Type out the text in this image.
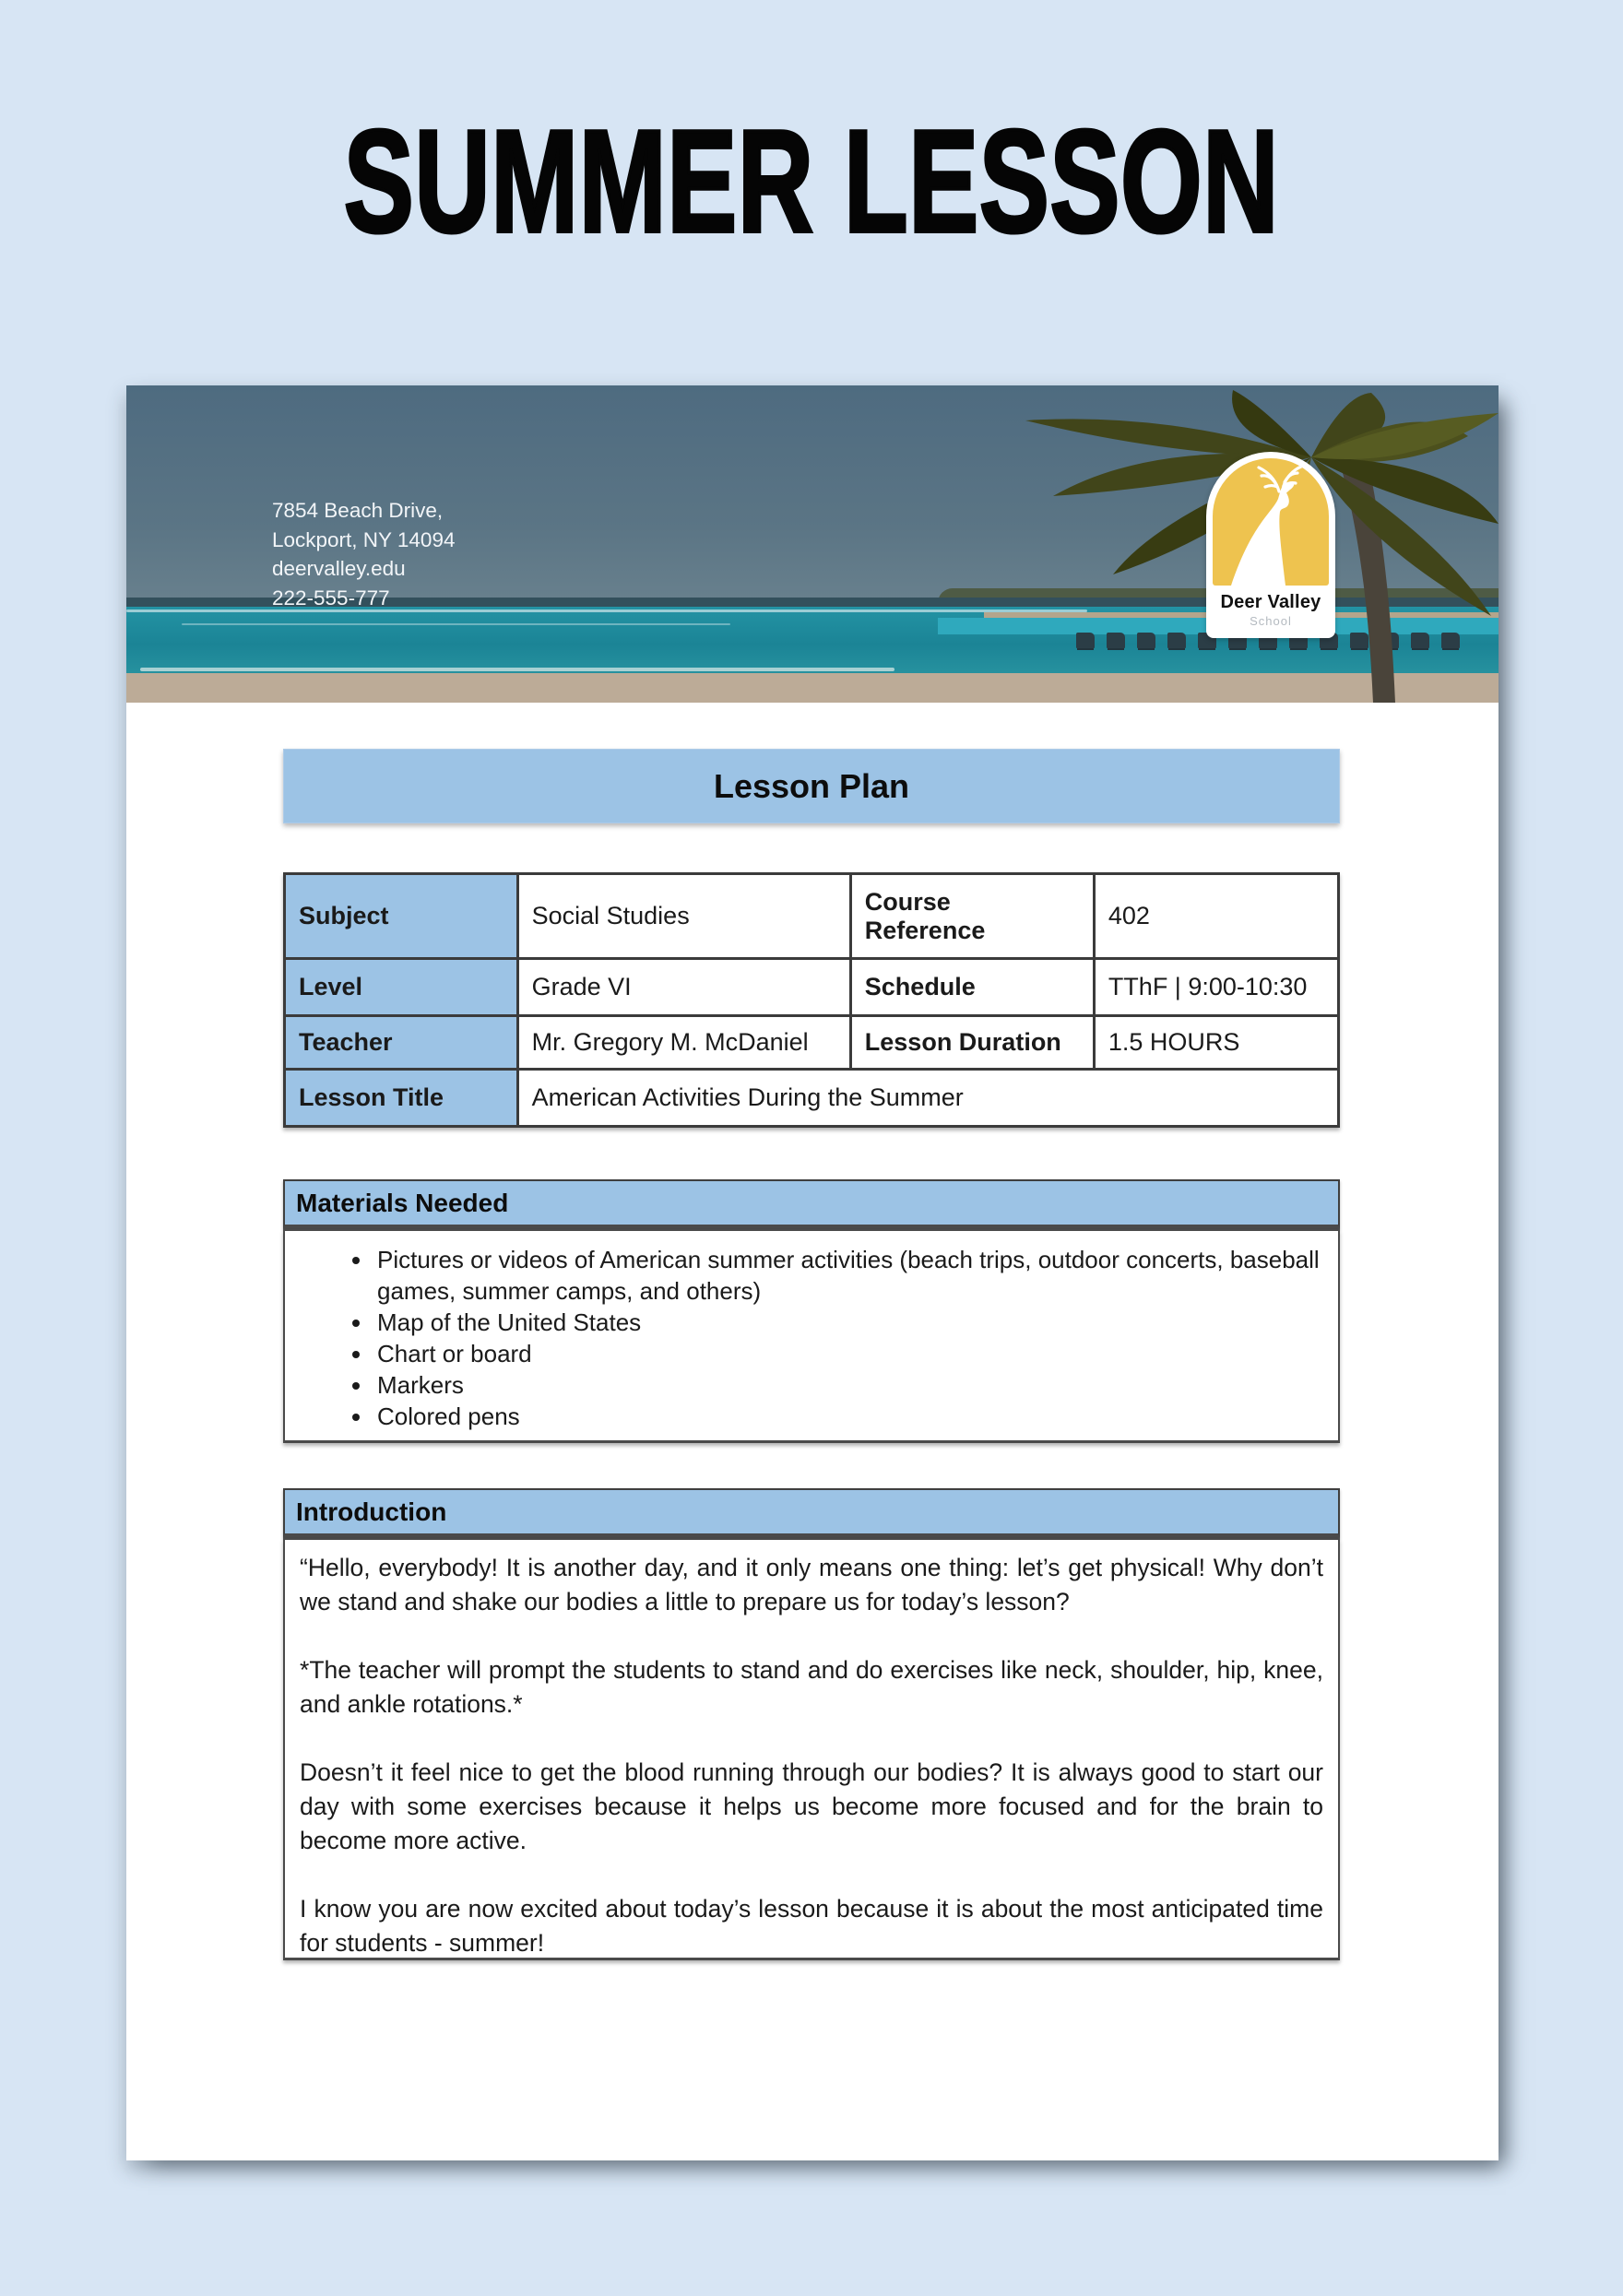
SUMMER LESSON

7854 Beach Drive,
Lockport, NY 14094
deervalley.edu
222-555-777	Deer Valley
School
Lesson Plan
Subject	Social Studies	Course Reference	402
Level	Grade VI	Schedule	TThF | 9:00-10:30
Teacher	Mr. Gregory M. McDaniel	Lesson Duration	1.5 HOURS
Lesson Title	American Activities During the Summer		
Materials Needed
• Pictures or videos of American summer activities (beach trips, outdoor concerts, baseball games, summer camps, and others)
• Map of the United States
• Chart or board
• Markers
• Colored pens
Introduction

“Hello, everybody! It is another day, and it only means one thing: let’s get physical! Why don’t we stand and shake our bodies a little to prepare us for today’s lesson?

*The teacher will prompt the students to stand and do exercises like neck, shoulder, hip, knee, and ankle rotations.*

Doesn’t it feel nice to get the blood running through our bodies? It is always good to start our day with some exercises because it helps us become more focused and for the brain to become more active.

I know you are now excited about today’s lesson because it is about the most anticipated time for students - summer!
